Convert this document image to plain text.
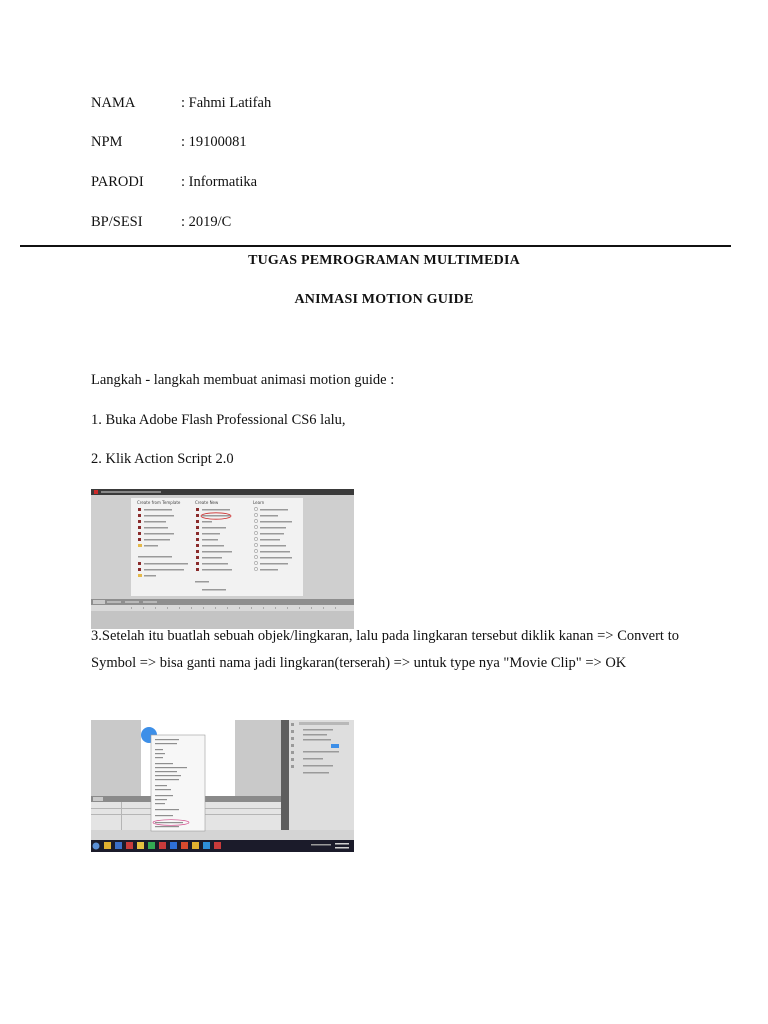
NAMA	: Fahmi Latifah
NPM	: 19100081
PARODI	: Informatika
BP/SESI	: 2019/C
TUGAS PEMROGRAMAN MULTIMEDIA
ANIMASI MOTION GUIDE
Langkah - langkah membuat animasi motion guide :
1. Buka Adobe Flash Professional CS6 lalu,
2. Klik Action Script 2.0
Create from Template	Create New	Learn
3.Setelah itu buatlah sebuah objek/lingkaran, lalu pada lingkaran tersebut diklik kanan => Convert to Symbol => bisa ganti nama jadi lingkaran(terserah) => untuk type nya "Movie Clip" => OK
